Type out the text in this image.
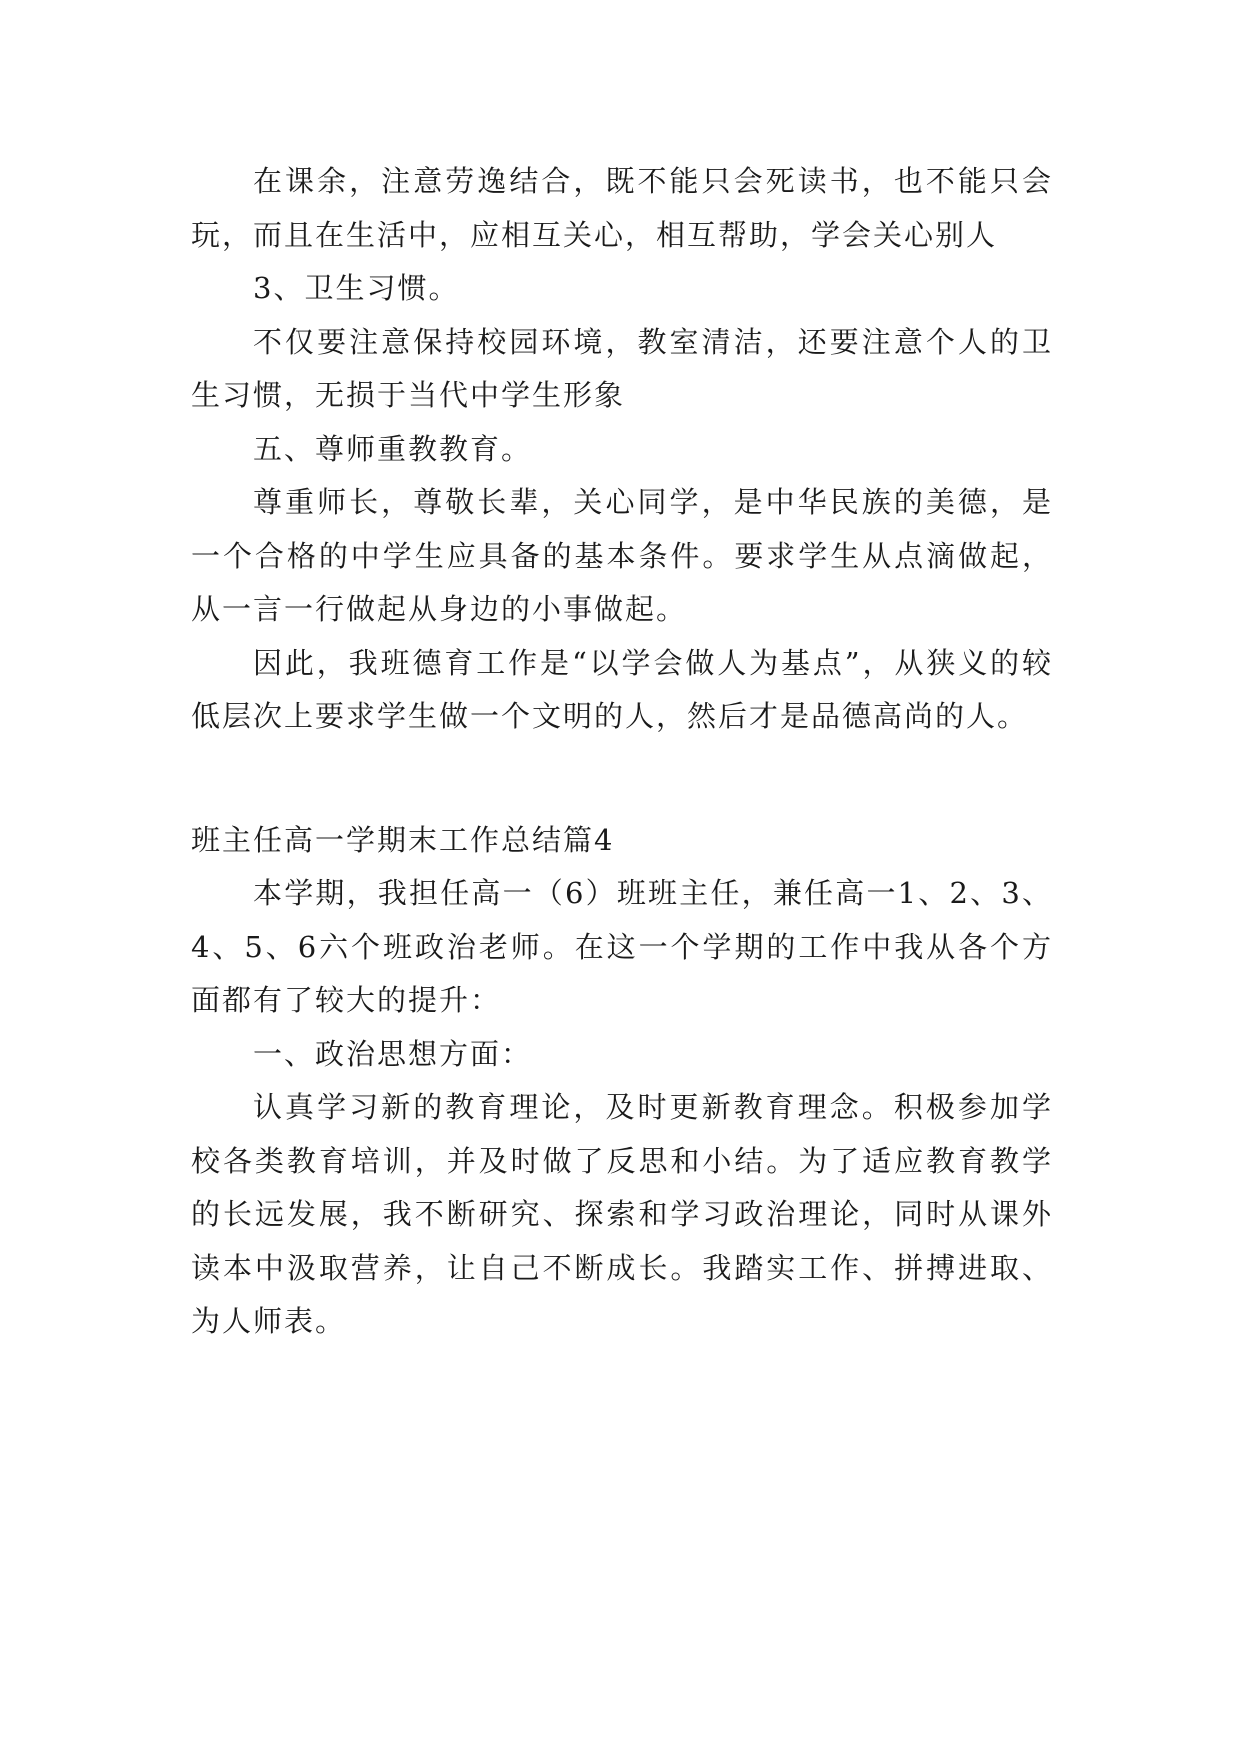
在课余，注意劳逸结合，既不能只会死读书，也不能只会玩，而且在生活中，应相互关心，相互帮助，学会关心别人

3、卫生习惯。

不仅要注意保持校园环境，教室清洁，还要注意个人的卫生习惯，无损于当代中学生形象

五、尊师重教教育。

尊重师长，尊敬长辈，关心同学，是中华民族的美德，是一个合格的中学生应具备的基本条件。要求学生从点滴做起，从一言一行做起从身边的小事做起。

因此，我班德育工作是“以学会做人为基点”，从狭义的较低层次上要求学生做一个文明的人，然后才是品德高尚的人。

班主任高一学期末工作总结篇4

本学期，我担任高一（6）班班主任，兼任高一1、2、3、4、5、6六个班政治老师。在这一个学期的工作中我从各个方面都有了较大的提升：

一、政治思想方面：

认真学习新的教育理论，及时更新教育理念。积极参加学校各类教育培训，并及时做了反思和小结。为了适应教育教学的长远发展，我不断研究、探索和学习政治理论，同时从课外读本中汲取营养，让自己不断成长。我踏实工作、拼搏进取、为人师表。
